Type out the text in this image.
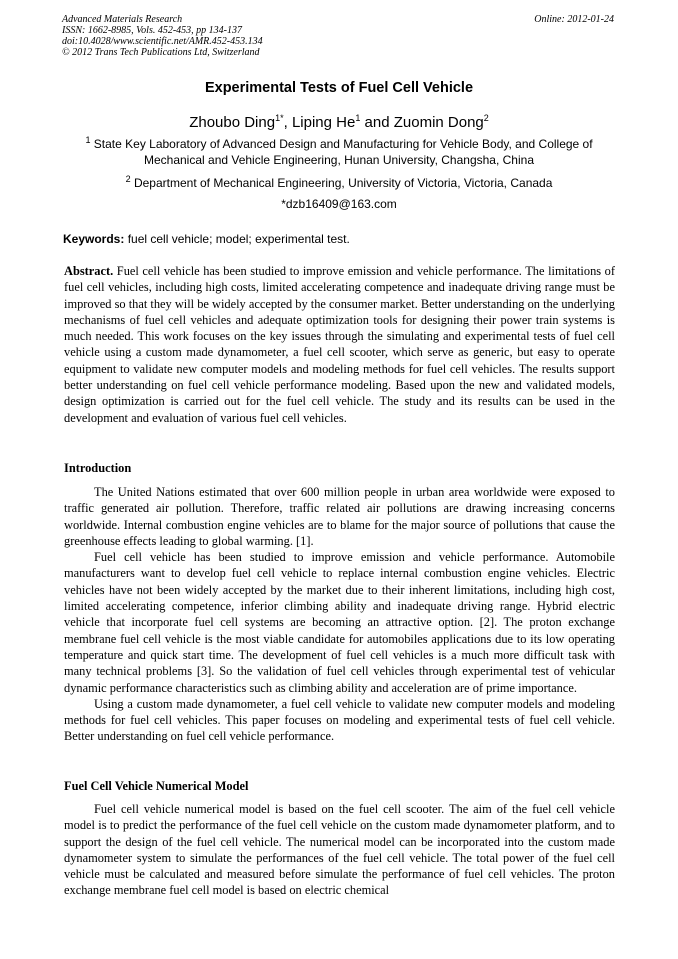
Advanced Materials Research
ISSN: 1662-8985, Vols. 452-453, pp 134-137
doi:10.4028/www.scientific.net/AMR.452-453.134
© 2012 Trans Tech Publications Ltd, Switzerland
Online: 2012-01-24
Experimental Tests of Fuel Cell Vehicle
Zhoubo Ding$^{1*}$, Liping He$^1$ and Zuomin Dong$^2$
$^1$ State Key Laboratory of Advanced Design and Manufacturing for Vehicle Body, and College of Mechanical and Vehicle Engineering, Hunan University, Changsha, China
$^2$ Department of Mechanical Engineering, University of Victoria, Victoria, Canada
*dzb16409@163.com
Keywords: fuel cell vehicle; model; experimental test.
Abstract. Fuel cell vehicle has been studied to improve emission and vehicle performance. The limitations of fuel cell vehicles, including high costs, limited accelerating competence and inadequate driving range must be improved so that they will be widely accepted by the consumer market. Better understanding on the underlying mechanisms of fuel cell vehicles and adequate optimization tools for designing their power train systems is much needed. This work focuses on the key issues through the simulating and experimental tests of fuel cell vehicle using a custom made dynamometer, a fuel cell scooter, which serve as generic, but easy to operate equipment to validate new computer models and modeling methods for fuel cell vehicles. The results support better understanding on fuel cell vehicle performance modeling. Based upon the new and validated models, design optimization is carried out for the fuel cell vehicle. The study and its results can be used in the development and evaluation of various fuel cell vehicles.
Introduction

The United Nations estimated that over 600 million people in urban area worldwide were exposed to traffic generated air pollution. Therefore, traffic related air pollutions are drawing increasing concerns worldwide. Internal combustion engine vehicles are to blame for the major source of pollutions that cause the greenhouse effects leading to global warming. [1].

Fuel cell vehicle has been studied to improve emission and vehicle performance. Automobile manufacturers want to develop fuel cell vehicle to replace internal combustion engine vehicles. Electric vehicles have not been widely accepted by the market due to their inherent limitations, including high cost, limited accelerating competence, inferior climbing ability and inadequate driving range. Hybrid electric vehicle that incorporate fuel cell systems are becoming an attractive option. [2]. The proton exchange membrane fuel cell vehicle is the most viable candidate for automobiles applications due to its low operating temperature and quick start time. The development of fuel cell vehicles is a much more difficult task with many technical problems [3]. So the validation of fuel cell vehicles through experimental test of vehicular dynamic performance characteristics such as climbing ability and acceleration are of prime importance.

Using a custom made dynamometer, a fuel cell vehicle to validate new computer models and modeling methods for fuel cell vehicles. This paper focuses on modeling and experimental tests of fuel cell vehicle. Better understanding on fuel cell vehicle performance.

Fuel Cell Vehicle Numerical Model

Fuel cell vehicle numerical model is based on the fuel cell scooter. The aim of the fuel cell vehicle model is to predict the performance of the fuel cell vehicle on the custom made dynamometer platform, and to support the design of the fuel cell vehicle. The numerical model can be incorporated into the custom made dynamometer system to simulate the performances of the fuel cell vehicle. The total power of the fuel cell vehicle must be calculated and measured before simulate the performance of fuel cell vehicles. The proton exchange membrane fuel cell model is based on electric chemical
